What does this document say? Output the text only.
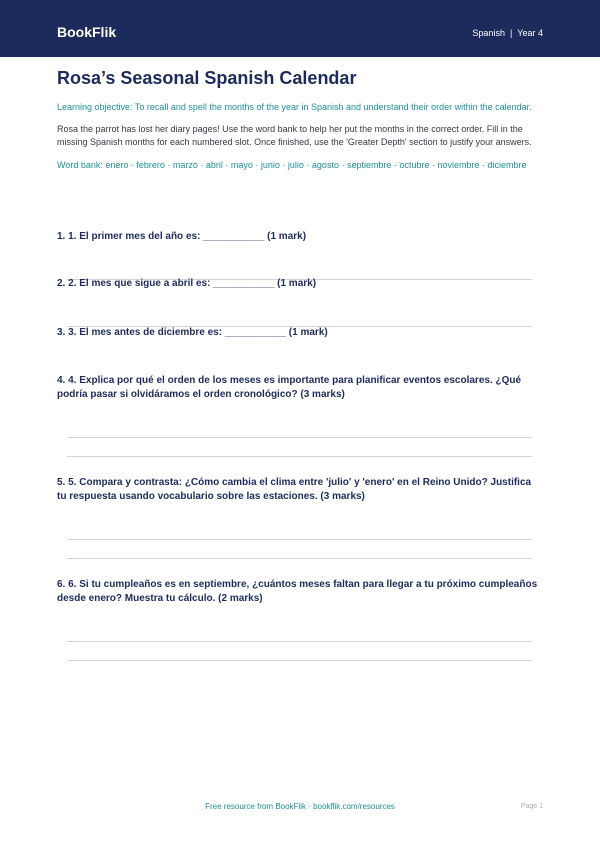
BookFlik	Spanish | Year 4
Rosa’s Seasonal Spanish Calendar

Learning objective: To recall and spell the months of the year in Spanish and understand their order within the calendar.

Rosa the parrot has lost her diary pages! Use the word bank to help her put the months in the correct order. Fill in the missing Spanish months for each numbered slot. Once finished, use the 'Greater Depth' section to justify your answers.

Word bank: enero · febrero · marzo · abril · mayo · junio · julio · agosto · septiembre · octubre · noviembre · diciembre

1. 1. El primer mes del año es: ___________ (1 mark)
2. 2. El mes que sigue a abril es: ___________ (1 mark)
3. 3. El mes antes de diciembre es: ___________ (1 mark)
4. 4. Explica por qué el orden de los meses es importante para planificar eventos escolares. ¿Qué podría pasar si olvidáramos el orden cronológico? (3 marks)
5. 5. Compara y contrasta: ¿Cómo cambia el clima entre 'julio' y 'enero' en el Reino Unido? Justifica tu respuesta usando vocabulario sobre las estaciones. (3 marks)
6. 6. Si tu cumpleaños es en septiembre, ¿cuántos meses faltan para llegar a tu próximo cumpleaños desde enero? Muestra tu cálculo. (2 marks)
Free resource from BookFlik · bookflik.com/resources	Page 1
